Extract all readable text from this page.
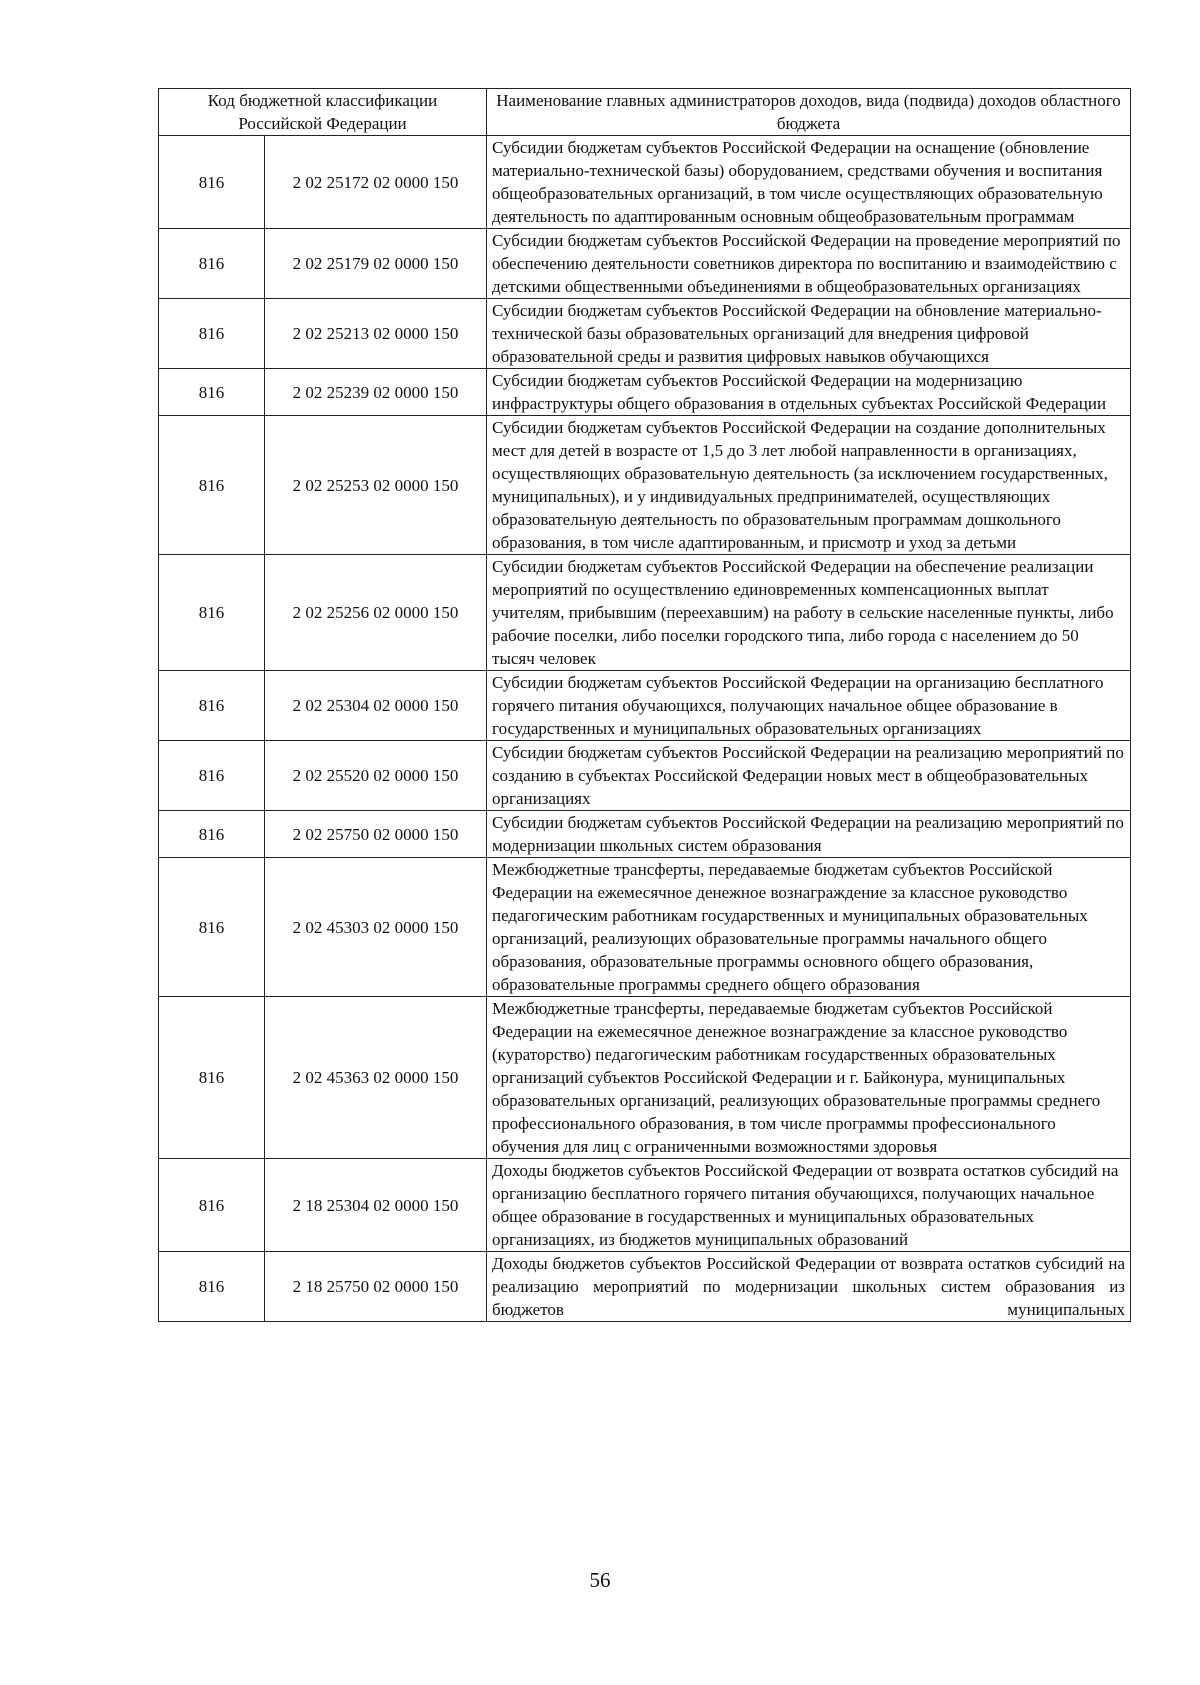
Код бюджетной классификации Российской Федерации		Наименование главных администраторов доходов, вида (подвида) доходов областного бюджета
816	2 02 25172 02 0000 150	Субсидии бюджетам субъектов Российской Федерации на оснащение (обновление материально-технической базы) оборудованием, средствами обучения и воспитания общеобразовательных организаций, в том числе осуществляющих образовательную деятельность по адаптированным основным общеобразовательным программам
816	2 02 25179 02 0000 150	Субсидии бюджетам субъектов Российской Федерации на проведение мероприятий по обеспечению деятельности советников директора по воспитанию и взаимодействию с детскими общественными объединениями в общеобразовательных организациях
816	2 02 25213 02 0000 150	Субсидии бюджетам субъектов Российской Федерации на обновление материально-технической базы образовательных организаций для внедрения цифровой образовательной среды и развития цифровых навыков обучающихся
816	2 02 25239 02 0000 150	Субсидии бюджетам субъектов Российской Федерации на модернизацию инфраструктуры общего образования в отдельных субъектах Российской Федерации
816	2 02 25253 02 0000 150	Субсидии бюджетам субъектов Российской Федерации на создание дополнительных мест для детей в возрасте от 1,5 до 3 лет любой направленности в организациях, осуществляющих образовательную деятельность (за исключением государственных, муниципальных), и у индивидуальных предпринимателей, осуществляющих образовательную деятельность по образовательным программам дошкольного образования, в том числе адаптированным, и присмотр и уход за детьми
816	2 02 25256 02 0000 150	Субсидии бюджетам субъектов Российской Федерации на обеспечение реализации мероприятий по осуществлению единовременных компенсационных выплат учителям, прибывшим (переехавшим) на работу в сельские населенные пункты, либо рабочие поселки, либо поселки городского типа, либо города с населением до 50 тысяч человек
816	2 02 25304 02 0000 150	Субсидии бюджетам субъектов Российской Федерации на организацию бесплатного горячего питания обучающихся, получающих начальное общее образование в государственных и муниципальных образовательных организациях
816	2 02 25520 02 0000 150	Субсидии бюджетам субъектов Российской Федерации на реализацию мероприятий по созданию в субъектах Российской Федерации новых мест в общеобразовательных организациях
816	2 02 25750 02 0000 150	Субсидии бюджетам субъектов Российской Федерации на реализацию мероприятий по модернизации школьных систем образования
816	2 02 45303 02 0000 150	Межбюджетные трансферты, передаваемые бюджетам субъектов Российской Федерации на ежемесячное денежное вознаграждение за классное руководство педагогическим работникам государственных и муниципальных образовательных организаций, реализующих образовательные программы начального общего образования, образовательные программы основного общего образования, образовательные программы среднего общего образования
816	2 02 45363 02 0000 150	Межбюджетные трансферты, передаваемые бюджетам субъектов Российской Федерации на ежемесячное денежное вознаграждение за классное руководство (кураторство) педагогическим работникам государственных образовательных организаций субъектов Российской Федерации и г. Байконура, муниципальных образовательных организаций, реализующих образовательные программы среднего профессионального образования, в том числе программы профессионального обучения для лиц с ограниченными возможностями здоровья
816	2 18 25304 02 0000 150	Доходы бюджетов субъектов Российской Федерации от возврата остатков субсидий на организацию бесплатного горячего питания обучающихся, получающих начальное общее образование в государственных и муниципальных образовательных организациях, из бюджетов муниципальных образований
816	2 18 25750 02 0000 150	Доходы бюджетов субъектов Российской Федерации от возврата остатков субсидий на реализацию мероприятий по модернизации школьных систем образования из бюджетов муниципальных
56
